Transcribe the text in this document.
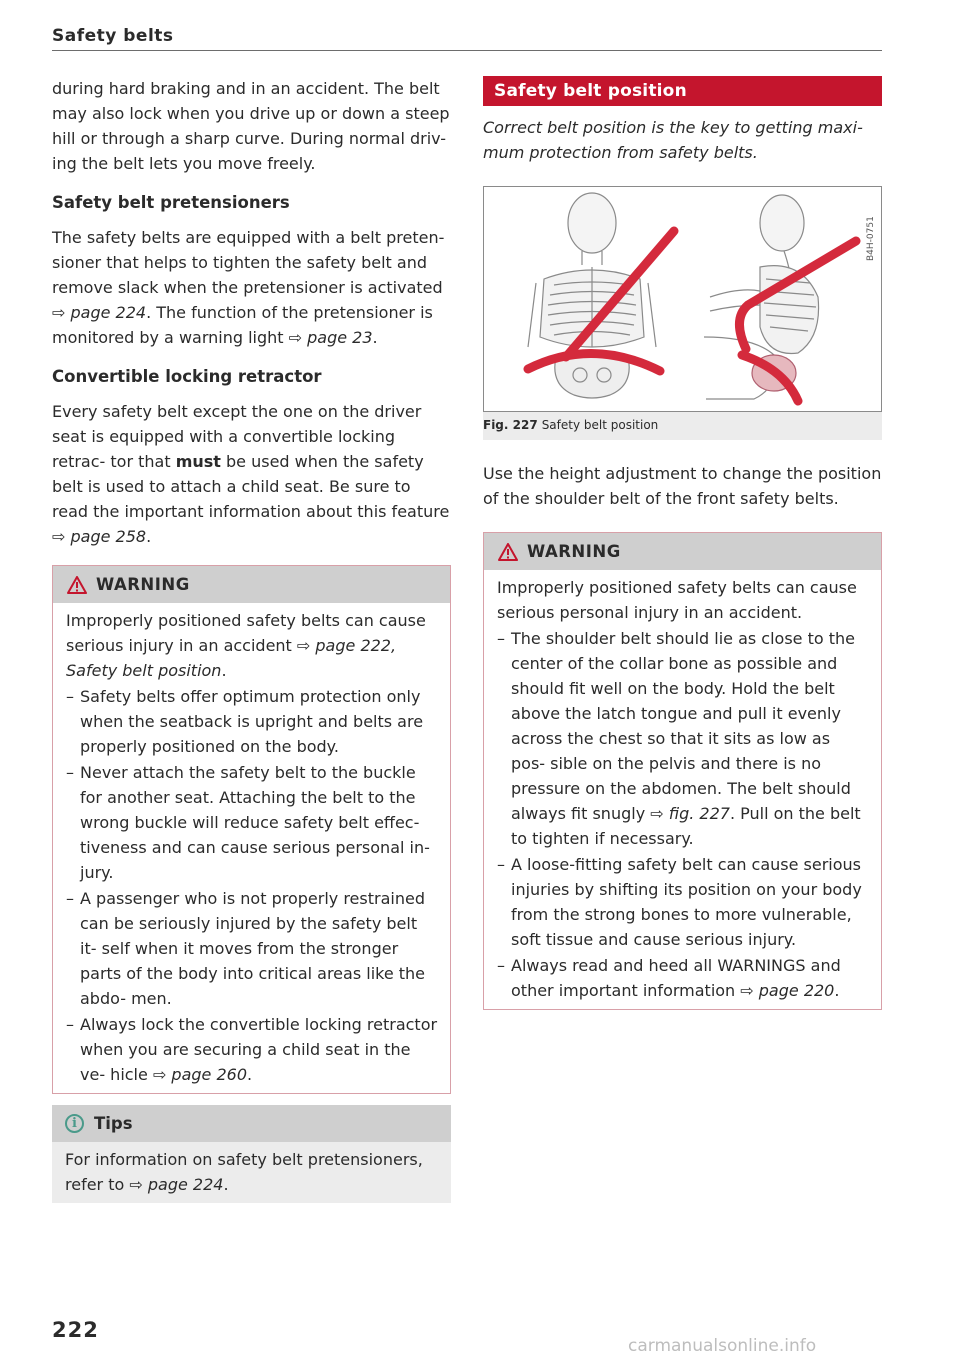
Safety belts

during hard braking and in an accident. The belt may also lock when you drive up or down a steep hill or through a sharp curve. During normal driv- ing the belt lets you move freely.

Safety belt pretensioners

The safety belts are equipped with a belt preten- sioner that helps to tighten the safety belt and remove slack when the pretensioner is activated ⇨ page 224. The function of the pretensioner is monitored by a warning light ⇨ page 23.

Convertible locking retractor

Every safety belt except the one on the driver seat is equipped with a convertible locking retrac- tor that must be used when the safety belt is used to attach a child seat. Be sure to read the important information about this feature ⇨ page 258.

WARNING

Improperly positioned safety belts can cause serious injury in an accident ⇨ page 222, Safety belt position.

– Safety belts offer optimum protection only when the seatback is upright and belts are properly positioned on the body.
– Never attach the safety belt to the buckle for another seat. Attaching the belt to the wrong buckle will reduce safety belt effec- tiveness and can cause serious personal in- jury.
– A passenger who is not properly restrained can be seriously injured by the safety belt it- self when it moves from the stronger parts of the body into critical areas like the abdo- men.
– Always lock the convertible locking retractor when you are securing a child seat in the ve- hicle ⇨ page 260.
i	Tips

For information on safety belt pretensioners, refer to ⇨ page 224.

Safety belt position
Correct belt position is the key to getting maxi- mum protection from safety belts.
B4H-0751
Fig. 227 Safety belt position

Use the height adjustment to change the position of the shoulder belt of the front safety belts.

WARNING

Improperly positioned safety belts can cause serious personal injury in an accident.

– The shoulder belt should lie as close to the center of the collar bone as possible and should fit well on the body. Hold the belt above the latch tongue and pull it evenly across the chest so that it sits as low as pos- sible on the pelvis and there is no pressure on the abdomen. The belt should always fit snugly ⇨ fig. 227. Pull on the belt to tighten if necessary.
– A loose-fitting safety belt can cause serious injuries by shifting its position on your body from the strong bones to more vulnerable, soft tissue and cause serious injury.
– Always read and heed all WARNINGS and other important information ⇨ page 220.
222
carmanualsonline.info
